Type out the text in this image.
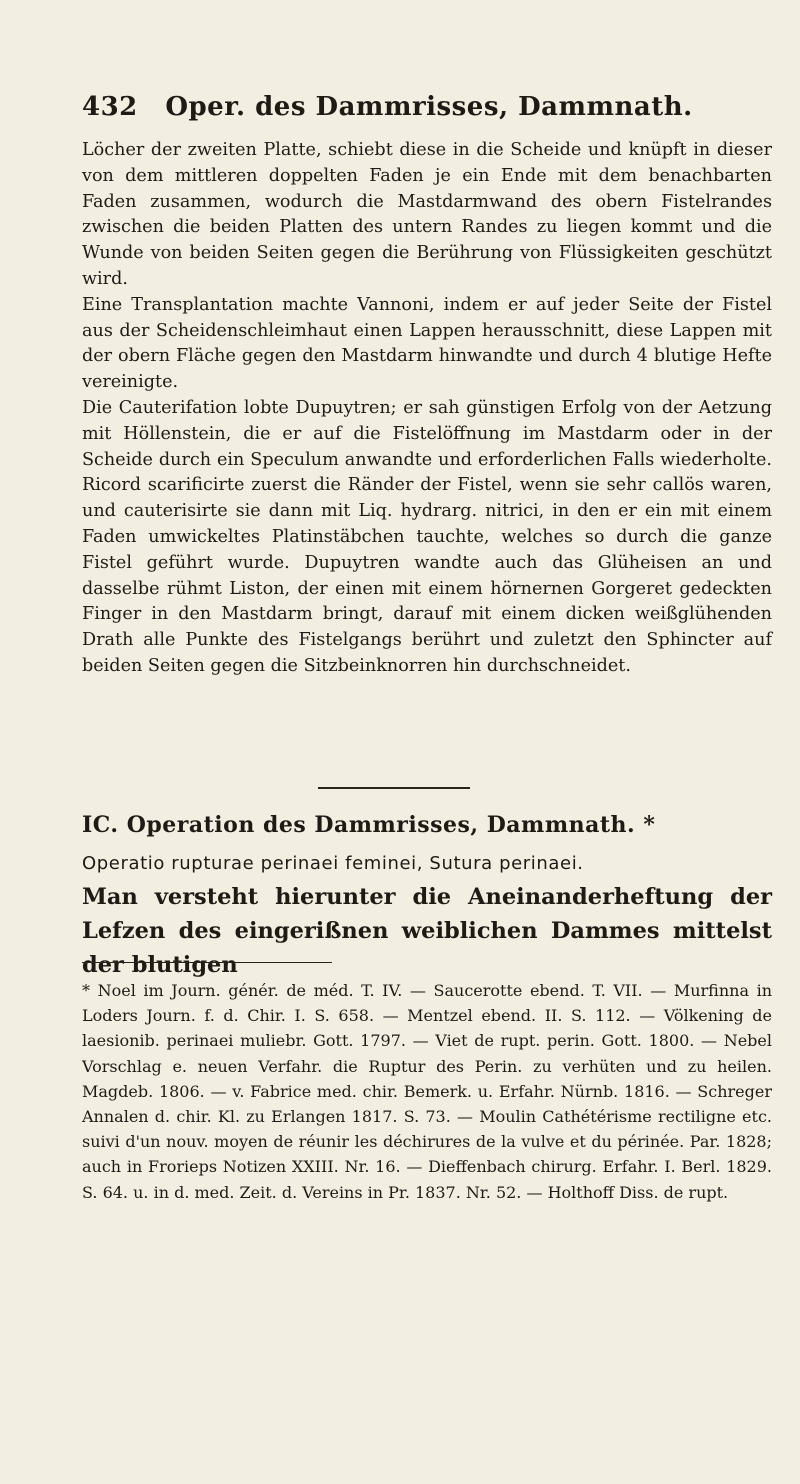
432 Oper. des Dammrisses, Dammnath.

Löcher der zweiten Platte, schiebt diese in die Scheide und knüpft in dieser von dem mittleren doppelten Faden je ein Ende mit dem benachbarten Faden zusammen, wodurch die Mastdarmwand des obern Fistelrandes zwischen die beiden Platten des untern Randes zu liegen kommt und die Wunde von beiden Seiten gegen die Berührung von Flüssigkeiten geschützt wird.

Eine Transplantation machte Vannoni, indem er auf jeder Seite der Fistel aus der Scheidenschleimhaut einen Lappen herausschnitt, diese Lappen mit der obern Fläche gegen den Mastdarm hinwandte und durch 4 blutige Hefte vereinigte.

Die Cauterifation lobte Dupuytren; er sah günstigen Erfolg von der Aetzung mit Höllenstein, die er auf die Fistelöffnung im Mastdarm oder in der Scheide durch ein Speculum anwandte und erforderlichen Falls wiederholte. Ricord scarificirte zuerst die Ränder der Fistel, wenn sie sehr callös waren, und cauterisirte sie dann mit Liq. hydrarg. nitrici, in den er ein mit einem Faden umwickeltes Platinstäbchen tauchte, welches so durch die ganze Fistel geführt wurde. Dupuytren wandte auch das Glüheisen an und dasselbe rühmt Liston, der einen mit einem hörnernen Gorgeret gedeckten Finger in den Mastdarm bringt, darauf mit einem dicken weißglühenden Drath alle Punkte des Fistelgangs berührt und zuletzt den Sphincter auf beiden Seiten gegen die Sitzbeinknorren hin durchschneidet.

IC. Operation des Dammrisses, Dammnath. *
Operatio rupturae perinaei feminei, Sutura perinaei.
Man versteht hierunter die Aneinanderheftung der Lefzen des eingerißnen weiblichen Dammes mittelst der blutigen
* Noel im Journ. génér. de méd. T. IV. — Saucerotte ebend. T. VII. — Murfinna in Loders Journ. f. d. Chir. I. S. 658. — Mentzel ebend. II. S. 112. — Völkening de laesionib. perinaei muliebr. Gott. 1797. — Viet de rupt. perin. Gott. 1800. — Nebel Vorschlag e. neuen Verfahr. die Ruptur des Perin. zu verhüten und zu heilen. Magdeb. 1806. — v. Fabrice med. chir. Bemerk. u. Erfahr. Nürnb. 1816. — Schreger Annalen d. chir. Kl. zu Erlangen 1817. S. 73. — Moulin Cathétérisme rectiligne etc. suivi d'un nouv. moyen de réunir les déchirures de la vulve et du périnée. Par. 1828; auch in Frorieps Notizen XXIII. Nr. 16. — Dieffenbach chirurg. Erfahr. I. Berl. 1829. S. 64. u. in d. med. Zeit. d. Vereins in Pr. 1837. Nr. 52. — Holthoff Diss. de rupt.
